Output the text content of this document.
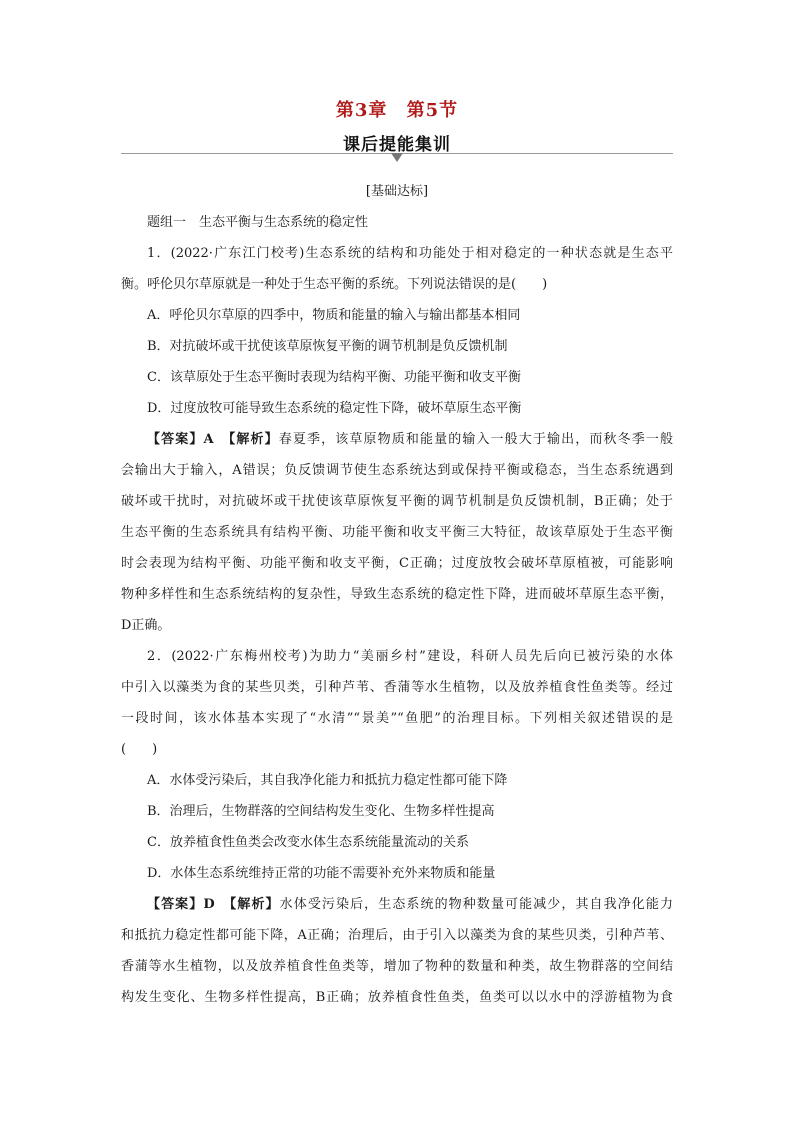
第3章 第5节
课后提能集训
[基础达标]
题组一　生态平衡与生态系统的稳定性
1．(2022·广东江门校考)生态系统的结构和功能处于相对稳定的一种状态就是生态平
衡。呼伦贝尔草原就是一种处于生态平衡的系统。下列说法错误的是(　　)
A．呼伦贝尔草原的四季中，物质和能量的输入与输出都基本相同
B．对抗破坏或干扰使该草原恢复平衡的调节机制是负反馈机制
C．该草原处于生态平衡时表现为结构平衡、功能平衡和收支平衡
D．过度放牧可能导致生态系统的稳定性下降，破坏草原生态平衡
【答案】A　【解析】春夏季，该草原物质和能量的输入一般大于输出，而秋冬季一般
会输出大于输入，A错误；负反馈调节使生态系统达到或保持平衡或稳态，当生态系统遇到
破坏或干扰时，对抗破坏或干扰使该草原恢复平衡的调节机制是负反馈机制，B正确；处于
生态平衡的生态系统具有结构平衡、功能平衡和收支平衡三大特征，故该草原处于生态平衡
时会表现为结构平衡、功能平衡和收支平衡，C正确；过度放牧会破坏草原植被，可能影响
物种多样性和生态系统结构的复杂性，导致生态系统的稳定性下降，进而破坏草原生态平衡，
D正确。
2．(2022·广东梅州校考)为助力“美丽乡村”建设，科研人员先后向已被污染的水体
中引入以藻类为食的某些贝类，引种芦苇、香蒲等水生植物，以及放养植食性鱼类等。经过
一段时间，该水体基本实现了“水清”“景美”“鱼肥”的治理目标。下列相关叙述错误的是
(　　)
A．水体受污染后，其自我净化能力和抵抗力稳定性都可能下降
B．治理后，生物群落的空间结构发生变化、生物多样性提高
C．放养植食性鱼类会改变水体生态系统能量流动的关系
D．水体生态系统维持正常的功能不需要补充外来物质和能量
【答案】D　【解析】水体受污染后，生态系统的物种数量可能减少，其自我净化能力
和抵抗力稳定性都可能下降，A正确；治理后，由于引入以藻类为食的某些贝类，引种芦苇、
香蒲等水生植物，以及放养植食性鱼类等，增加了物种的数量和种类，故生物群落的空间结
构发生变化、生物多样性提高，B正确；放养植食性鱼类，鱼类可以以水中的浮游植物为食
